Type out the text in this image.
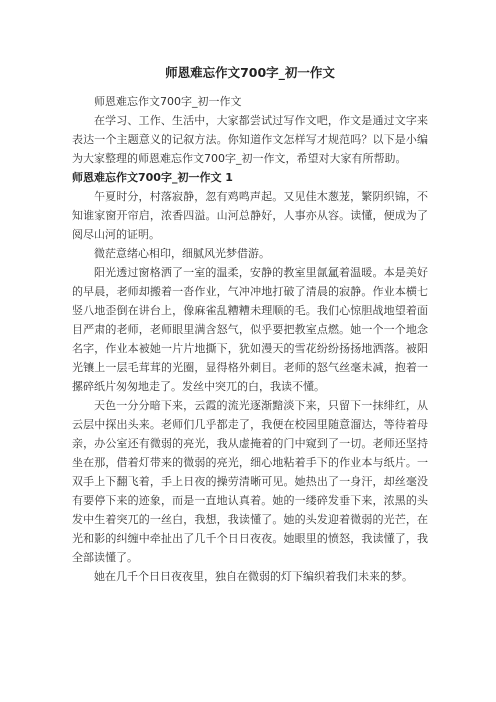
师恩难忘作文700字_初一作文

师恩难忘作文700字_初一作文

在学习、工作、生活中，大家都尝试过写作文吧，作文是通过文字来表达一个主题意义的记叙方法。你知道作文怎样写才规范吗？以下是小编为大家整理的师恩难忘作文700字_初一作文，希望对大家有所帮助。

师恩难忘作文700字_初一作文 1

午夏时分，村落寂静，忽有鸡鸣声起。又见佳木葱茏，繁阴织锦，不知谁家窗开帘启，浓香四溢。山河总静好，人事亦从容。读懂，便成为了阅尽山河的证明。

微茫意绪心相印，细腻风光梦借游。

阳光透过窗格洒了一室的温柔，安静的教室里氤氲着温暖。本是美好的早晨，老师却搬着一沓作业，气冲冲地打破了清晨的寂静。作业本横七竖八地歪倒在讲台上，像麻雀乱糟糟未理顺的毛。我们心惊胆战地望着面目严肃的老师，老师眼里满含怒气，似乎要把教室点燃。她一个一个地念名字，作业本被她一片片地撕下，犹如漫天的雪花纷纷扬扬地洒落。被阳光镶上一层毛茸茸的光圈，显得格外刺目。老师的怒气丝毫未减，抱着一摞碎纸片匆匆地走了。发丝中突兀的白，我读不懂。

天色一分分暗下来，云霞的流光逐渐黯淡下来，只留下一抹绯红，从云层中探出头来。老师们几乎都走了，我便在校园里随意溜达，等待着母亲，办公室还有微弱的亮光，我从虚掩着的门中窥到了一切。老师还坚持坐在那，借着灯带来的微弱的亮光，细心地粘着手下的作业本与纸片。一双手上下翻飞着，手上日夜的操劳清晰可见。她热出了一身汗，却丝毫没有要停下来的迹象，而是一直地认真着。她的一缕碎发垂下来，浓黑的头发中生着突兀的一丝白，我想，我读懂了。她的头发迎着微弱的光芒，在光和影的纠缠中牵扯出了几千个日日夜夜。她眼里的愤怒，我读懂了，我全部读懂了。

她在几千个日日夜夜里，独自在微弱的灯下编织着我们未来的梦。
